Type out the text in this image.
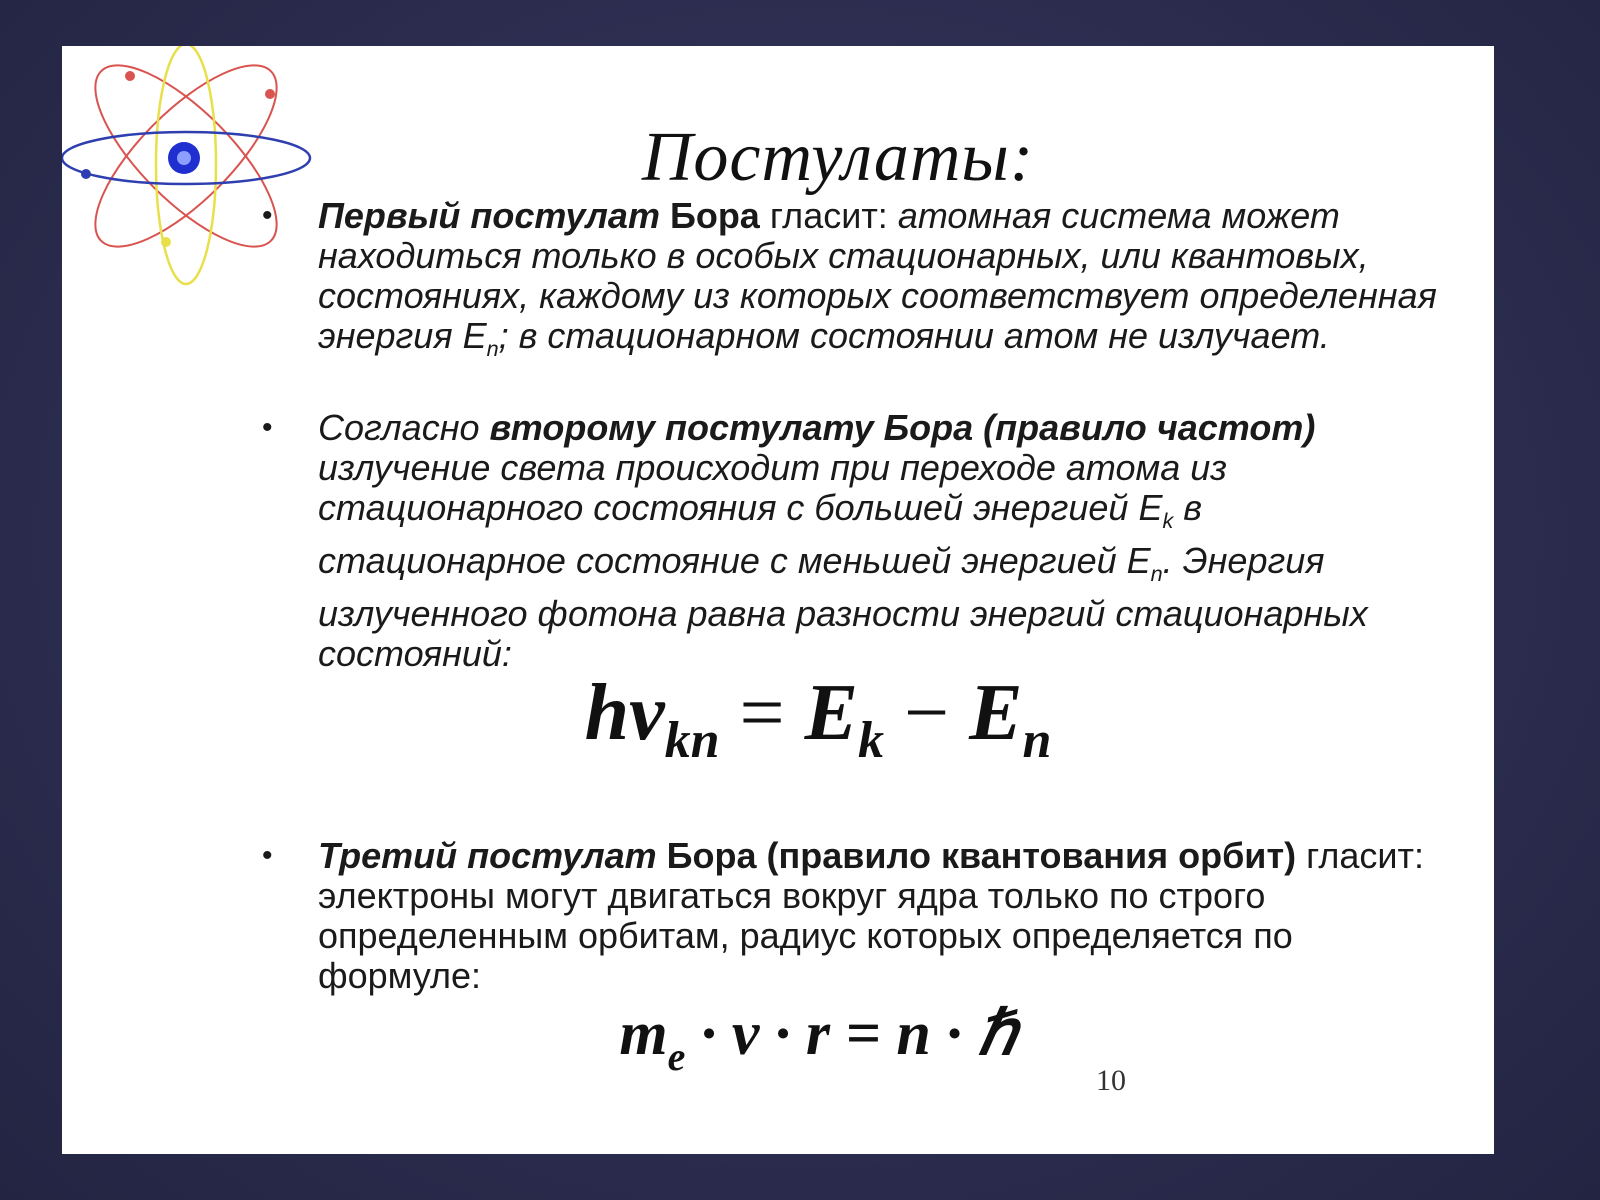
Постулаты:
• Первый постулат Бора гласит: атомная система может находиться только в особых стационарных, или квантовых, состояниях, каждому из которых соответствует определенная энергия $E_n$; в стационарном состоянии атом не излучает.

• Согласно второму постулату Бора (правило частот) излучение света происходит при переходе атома из стационарного состояния с большей энергией $E_k$ в стационарное состояние с меньшей энергией $E_n$. Энергия излученного фотона равна разности энергий стационарных состояний:

$h\nu_{kn} = E_k - E_n$
• Третий постулат Бора (правило квантования орбит) гласит: электроны могут двигаться вокруг ядра только по строго определенным орбитам, радиус которых определяется по формуле:

$m_e \cdot v \cdot r = n$ · ℏ
10
